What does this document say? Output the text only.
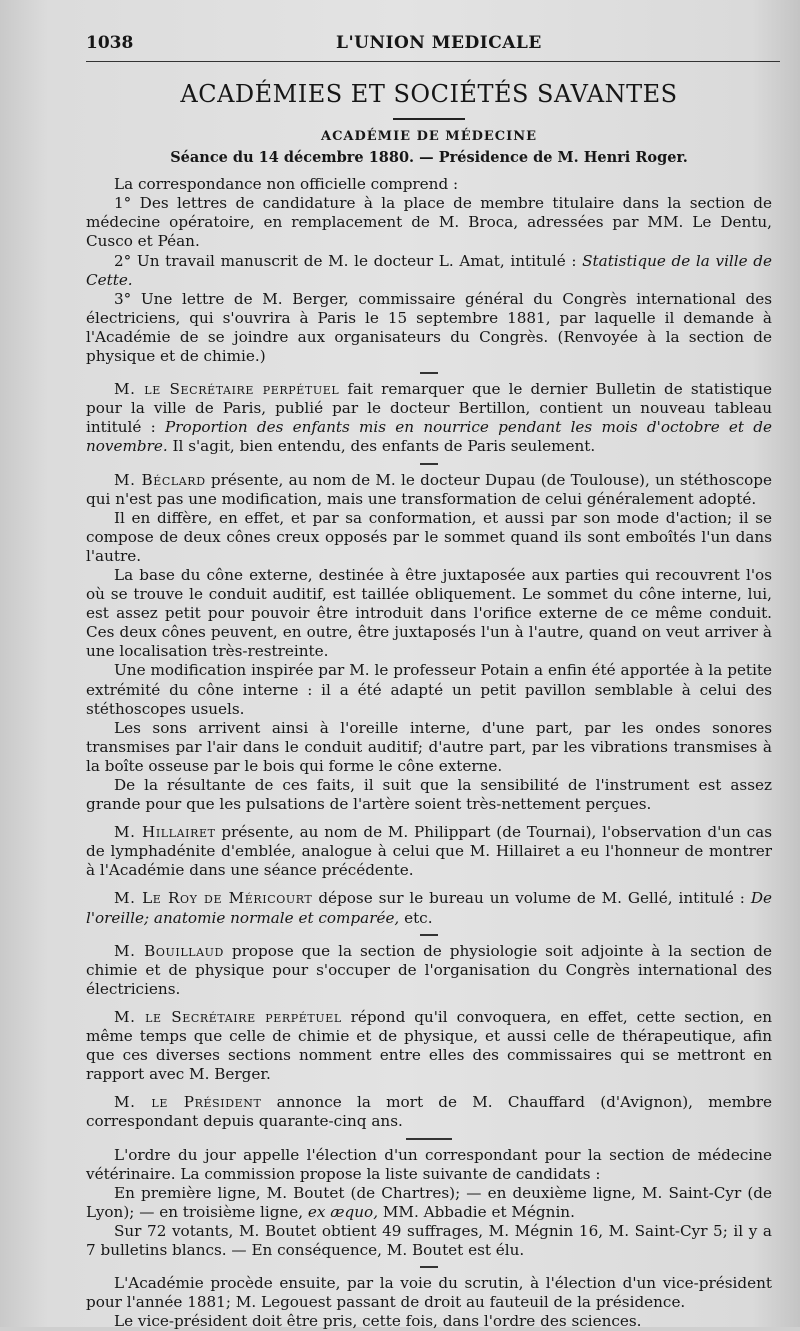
1038	L'UNION MEDICALE
ACADÉMIES ET SOCIÉTÉS SAVANTES
ACADÉMIE DE MÉDECINE
Séance du 14 décembre 1880. — Présidence de M. Henri Roger.

La correspondance non officielle comprend :

1° Des lettres de candidature à la place de membre titulaire dans la section de médecine opératoire, en remplacement de M. Broca, adressées par MM. Le Dentu, Cusco et Péan.

2° Un travail manuscrit de M. le docteur L. Amat, intitulé : Statistique de la ville de Cette.

3° Une lettre de M. Berger, commissaire général du Congrès international des électriciens, qui s'ouvrira à Paris le 15 septembre 1881, par laquelle il demande à l'Académie de se joindre aux organisateurs du Congrès. (Renvoyée à la section de physique et de chimie.)

M. le Secrétaire perpétuel fait remarquer que le dernier Bulletin de statistique pour la ville de Paris, publié par le docteur Bertillon, contient un nouveau tableau intitulé : Proportion des enfants mis en nourrice pendant les mois d'octobre et de novembre. Il s'agit, bien entendu, des enfants de Paris seulement.

M. Béclard présente, au nom de M. le docteur Dupau (de Toulouse), un stéthoscope qui n'est pas une modification, mais une transformation de celui généralement adopté.

Il en diffère, en effet, et par sa conformation, et aussi par son mode d'action; il se compose de deux cônes creux opposés par le sommet quand ils sont emboîtés l'un dans l'autre.

La base du cône externe, destinée à être juxtaposée aux parties qui recouvrent l'os où se trouve le conduit auditif, est taillée obliquement. Le sommet du cône interne, lui, est assez petit pour pouvoir être introduit dans l'orifice externe de ce même conduit. Ces deux cônes peuvent, en outre, être juxtaposés l'un à l'autre, quand on veut arriver à une localisation très-restreinte.

Une modification inspirée par M. le professeur Potain a enfin été apportée à la petite extrémité du cône interne : il a été adapté un petit pavillon semblable à celui des stéthoscopes usuels.

Les sons arrivent ainsi à l'oreille interne, d'une part, par les ondes sonores transmises par l'air dans le conduit auditif; d'autre part, par les vibrations transmises à la boîte osseuse par le bois qui forme le cône externe.

De la résultante de ces faits, il suit que la sensibilité de l'instrument est assez grande pour que les pulsations de l'artère soient très-nettement perçues.

M. Hillairet présente, au nom de M. Philippart (de Tournai), l'observation d'un cas de lymphadénite d'emblée, analogue à celui que M. Hillairet a eu l'honneur de montrer à l'Académie dans une séance précédente.

M. Le Roy de Méricourt dépose sur le bureau un volume de M. Gellé, intitulé : De l'oreille; anatomie normale et comparée, etc.

M. Bouillaud propose que la section de physiologie soit adjointe à la section de chimie et de physique pour s'occuper de l'organisation du Congrès international des électriciens.

M. le Secrétaire perpétuel répond qu'il convoquera, en effet, cette section, en même temps que celle de chimie et de physique, et aussi celle de thérapeutique, afin que ces diverses sections nomment entre elles des commissaires qui se mettront en rapport avec M. Berger.

M. le Président annonce la mort de M. Chauffard (d'Avignon), membre correspondant depuis quarante-cinq ans.

L'ordre du jour appelle l'élection d'un correspondant pour la section de médecine vétérinaire. La commission propose la liste suivante de candidats :

En première ligne, M. Boutet (de Chartres); — en deuxième ligne, M. Saint-Cyr (de Lyon); — en troisième ligne, ex æquo, MM. Abbadie et Mégnin.

Sur 72 votants, M. Boutet obtient 49 suffrages, M. Mégnin 16, M. Saint-Cyr 5; il y a 7 bulletins blancs. — En conséquence, M. Boutet est élu.

L'Académie procède ensuite, par la voie du scrutin, à l'élection d'un vice-président pour l'année 1881; M. Legouest passant de droit au fauteuil de la présidence.

Le vice-président doit être pris, cette fois, dans l'ordre des sciences.
